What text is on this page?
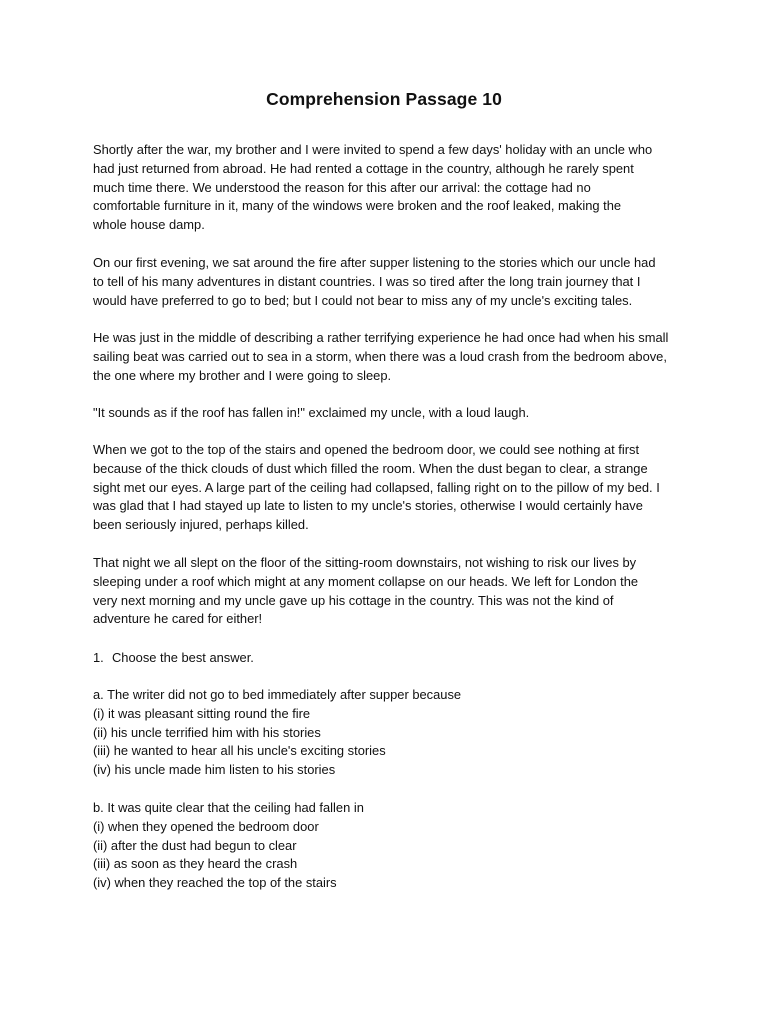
Comprehension Passage 10

Shortly after the war, my brother and I were invited to spend a few days' holiday with an uncle who
had just returned from abroad. He had rented a cottage in the country, although he rarely spent
much time there. We understood the reason for this after our arrival: the cottage had no
comfortable furniture in it, many of the windows were broken and the roof leaked, making the
whole house damp.

On our first evening, we sat around the fire after supper listening to the stories which our uncle had
to tell of his many adventures in distant countries. I was so tired after the long train journey that I
would have preferred to go to bed; but I could not bear to miss any of my uncle's exciting tales.

He was just in the middle of describing a rather terrifying experience he had once had when his small
sailing beat was carried out to sea in a storm, when there was a loud crash from the bedroom above,
the one where my brother and I were going to sleep.

"It sounds as if the roof has fallen in!" exclaimed my uncle, with a loud laugh.

When we got to the top of the stairs and opened the bedroom door, we could see nothing at first
because of the thick clouds of dust which filled the room. When the dust began to clear, a strange
sight met our eyes. A large part of the ceiling had collapsed, falling right on to the pillow of my bed. I
was glad that I had stayed up late to listen to my uncle's stories, otherwise I would certainly have
been seriously injured, perhaps killed.

That night we all slept on the floor of the sitting-room downstairs, not wishing to risk our lives by
sleeping under a roof which might at any moment collapse on our heads. We left for London the
very next morning and my uncle gave up his cottage in the country. This was not the kind of
adventure he cared for either!

1. Choose the best answer.

a. The writer did not go to bed immediately after supper because
(i) it was pleasant sitting round the fire
(ii) his uncle terrified him with his stories
(iii) he wanted to hear all his uncle's exciting stories
(iv) his uncle made him listen to his stories

b. It was quite clear that the ceiling had fallen in
(i) when they opened the bedroom door
(ii) after the dust had begun to clear
(iii) as soon as they heard the crash
(iv) when they reached the top of the stairs
